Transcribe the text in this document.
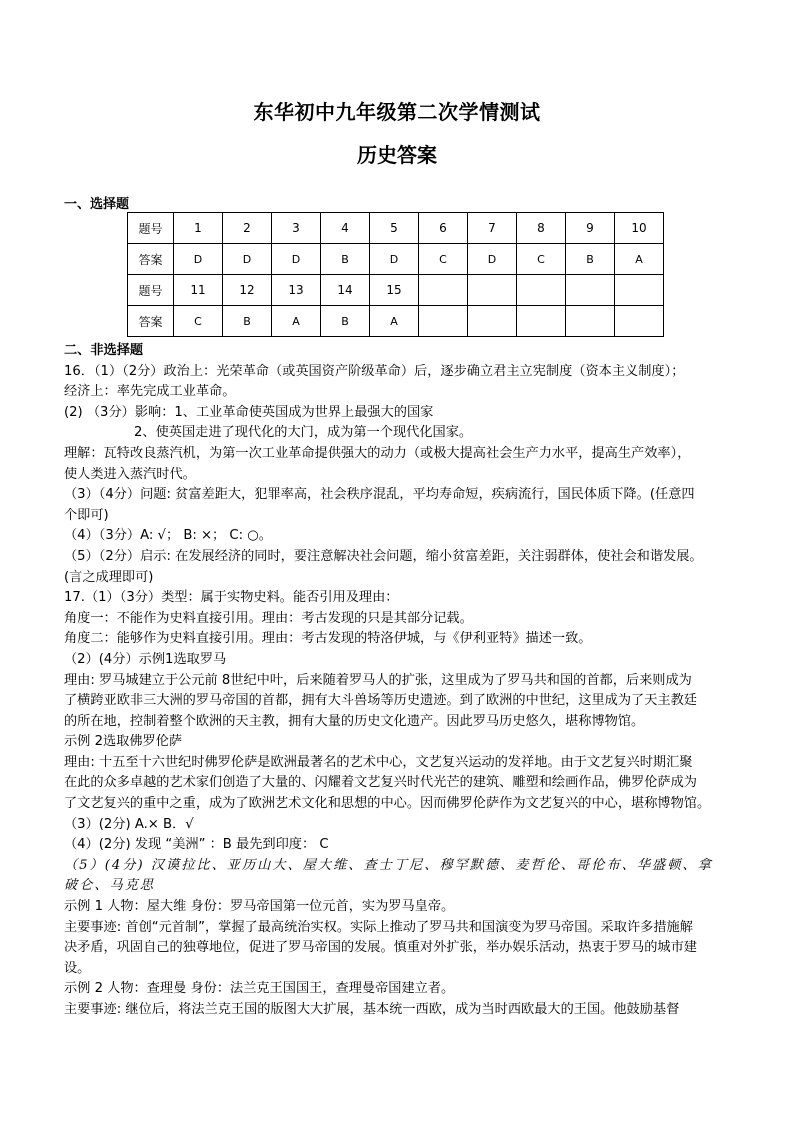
东华初中九年级第二次学情测试
历史答案
一、选择题
题号	1	2	3	4	5	6	7	8	9	10
答案	D	D	D	B	D	C	D	C	B	A
题号	11	12	13	14	15					
答案	C	B	A	B	A					

二、非选择题

16．（1）（2分）政治上：光荣革命（或英国资产阶级革命）后，逐步确立君主立宪制度（资本主义制度）；

经济上：率先完成工业革命。

(2) （3分）影响：1、工业革命使英国成为世界上最强大的国家

2、使英国走进了现代化的大门，成为第一个现代化国家。

理解：瓦特改良蒸汽机，为第一次工业革命提供强大的动力（或极大提高社会生产力水平，提高生产效率），

使人类进入蒸汽时代。

（3）（4分）问题: 贫富差距大，犯罪率高，社会秩序混乱，平均寿命短，疾病流行，国民体质下降。(任意四

个即可)

（4）（3分）A: √； B: ×； C: ○。

（5）（2分）启示: 在发展经济的同时，要注意解决社会问题，缩小贫富差距，关注弱群体，使社会和谐发展。

(言之成理即可)

17.（1）（3分）类型：属于实物史料。能否引用及理由：

角度一：不能作为史料直接引用。理由：考古发现的只是其部分记载。

角度二：能够作为史料直接引用。理由：考古发现的特洛伊城，与《伊利亚特》描述一致。

（2）(4分）示例1选取罗马

理由: 罗马城建立于公元前 8世纪中叶，后来随着罗马人的扩张，这里成为了罗马共和国的首都，后来则成为

了横跨亚欧非三大洲的罗马帝国的首都，拥有大斗兽场等历史遗迹。到了欧洲的中世纪，这里成为了天主教廷

的所在地，控制着整个欧洲的天主教，拥有大量的历史文化遗产。因此罗马历史悠久，堪称博物馆。

示例 2选取佛罗伦萨

理由: 十五至十六世纪时佛罗伦萨是欧洲最著名的艺术中心，文艺复兴运动的发祥地。由于文艺复兴时期汇聚

在此的众多卓越的艺术家们创造了大量的、闪耀着文艺复兴时代光芒的建筑、雕塑和绘画作品，佛罗伦萨成为

了文艺复兴的重中之重，成为了欧洲艺术文化和思想的中心。因而佛罗伦萨作为文艺复兴的中心，堪称博物馆。

（3）(2分) A.× B．√

（4）(2分) 发现 “美洲” ：B 最先到印度： C

（5）(4分) 汉谟拉比、亚历山大、屋大维、查士丁尼、穆罕默德、麦哲伦、哥伦布、华盛顿、拿

破仑、马克思

示例 1 人物：屋大维 身份：罗马帝国第一位元首，实为罗马皇帝。

主要事迹: 首创“元首制”，掌握了最高统治实权。实际上推动了罗马共和国演变为罗马帝国。采取许多措施解

决矛盾，巩固自己的独尊地位，促进了罗马帝国的发展。慎重对外扩张，举办娱乐活动，热衷于罗马的城市建

设。

示例 2 人物：查理曼 身份：法兰克王国国王，查理曼帝国建立者。

主要事迹: 继位后，将法兰克王国的版图大大扩展，基本统一西欧，成为当时西欧最大的王国。他鼓励基督
